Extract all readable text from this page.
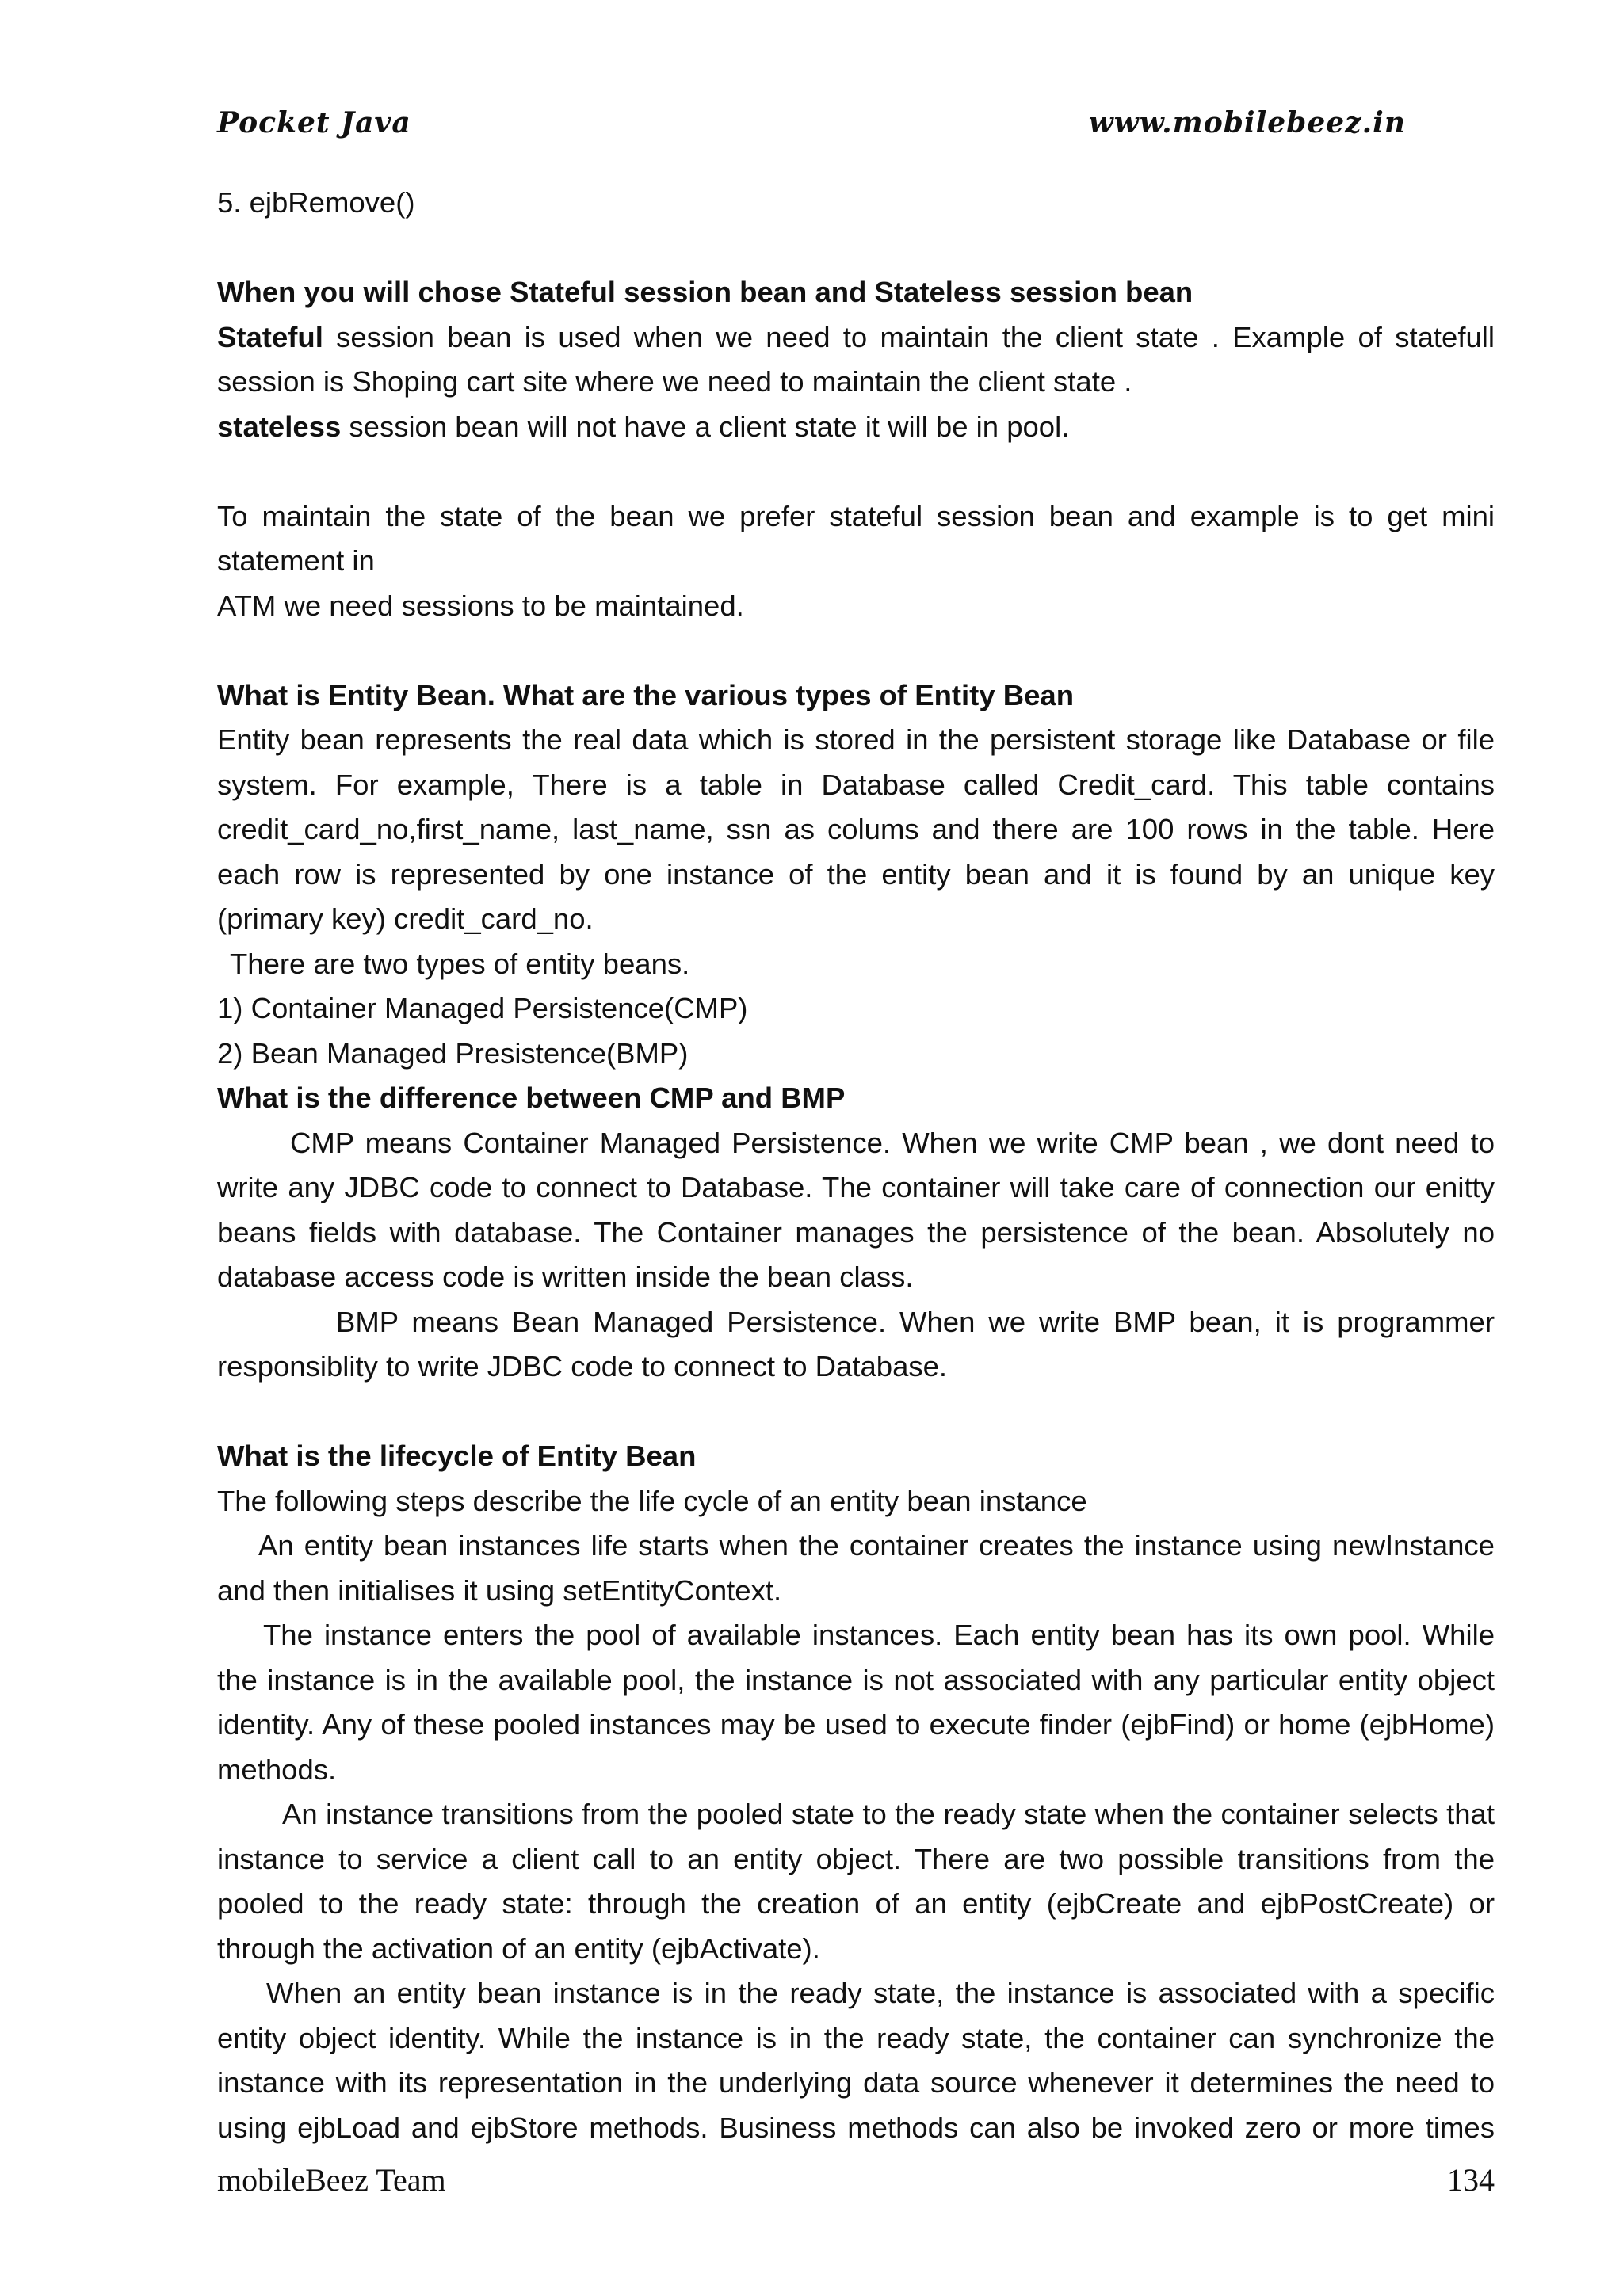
Pocket Java	www.mobilebeez.in

5. ejbRemove()

When you will chose Stateful session bean and Stateless session bean

Stateful session bean is used when we need to maintain the client state . Example of statefull session is Shoping cart site where we need to maintain the client state .

stateless session bean will not have a client state it will be in pool.

To maintain the state of the bean we prefer stateful session bean and example is to get mini statement in

ATM we need sessions to be maintained.

What is Entity Bean. What are the various types of Entity Bean

Entity bean represents the real data which is stored in the persistent storage like Database or file system. For example, There is a table in Database called Credit_card. This table contains credit_card_no,first_name, last_name, ssn as colums and there are 100 rows in the table. Here each row is represented by one instance of the entity bean and it is found by an unique key (primary key) credit_card_no.

There are two types of entity beans.

1) Container Managed Persistence(CMP)

2) Bean Managed Presistence(BMP)

What is the difference between CMP and BMP

CMP means Container Managed Persistence. When we write CMP bean , we dont need to write any JDBC code to connect to Database. The container will take care of connection our enitty beans fields with database. The Container manages the persistence of the bean. Absolutely no database access code is written inside the bean class.

BMP means Bean Managed Persistence. When we write BMP bean, it is programmer responsiblity to write JDBC code to connect to Database.

What is the lifecycle of Entity Bean

The following steps describe the life cycle of an entity bean instance

An entity bean instances life starts when the container creates the instance using newInstance and then initialises it using setEntityContext.

The instance enters the pool of available instances. Each entity bean has its own pool. While the instance is in the available pool, the instance is not associated with any particular entity object identity. Any of these pooled instances may be used to execute finder (ejbFind) or home (ejbHome) methods.

An instance transitions from the pooled state to the ready state when the container selects that instance to service a client call to an entity object. There are two possible transitions from the pooled to the ready state: through the creation of an entity (ejbCreate and ejbPostCreate) or through the activation of an entity (ejbActivate).

When an entity bean instance is in the ready state, the instance is associated with a specific entity object identity. While the instance is in the ready state, the container can synchronize the instance with its representation in the underlying data source whenever it determines the need to using ejbLoad and ejbStore methods. Business methods can also be invoked zero or more times

mobileBeez Team	134
